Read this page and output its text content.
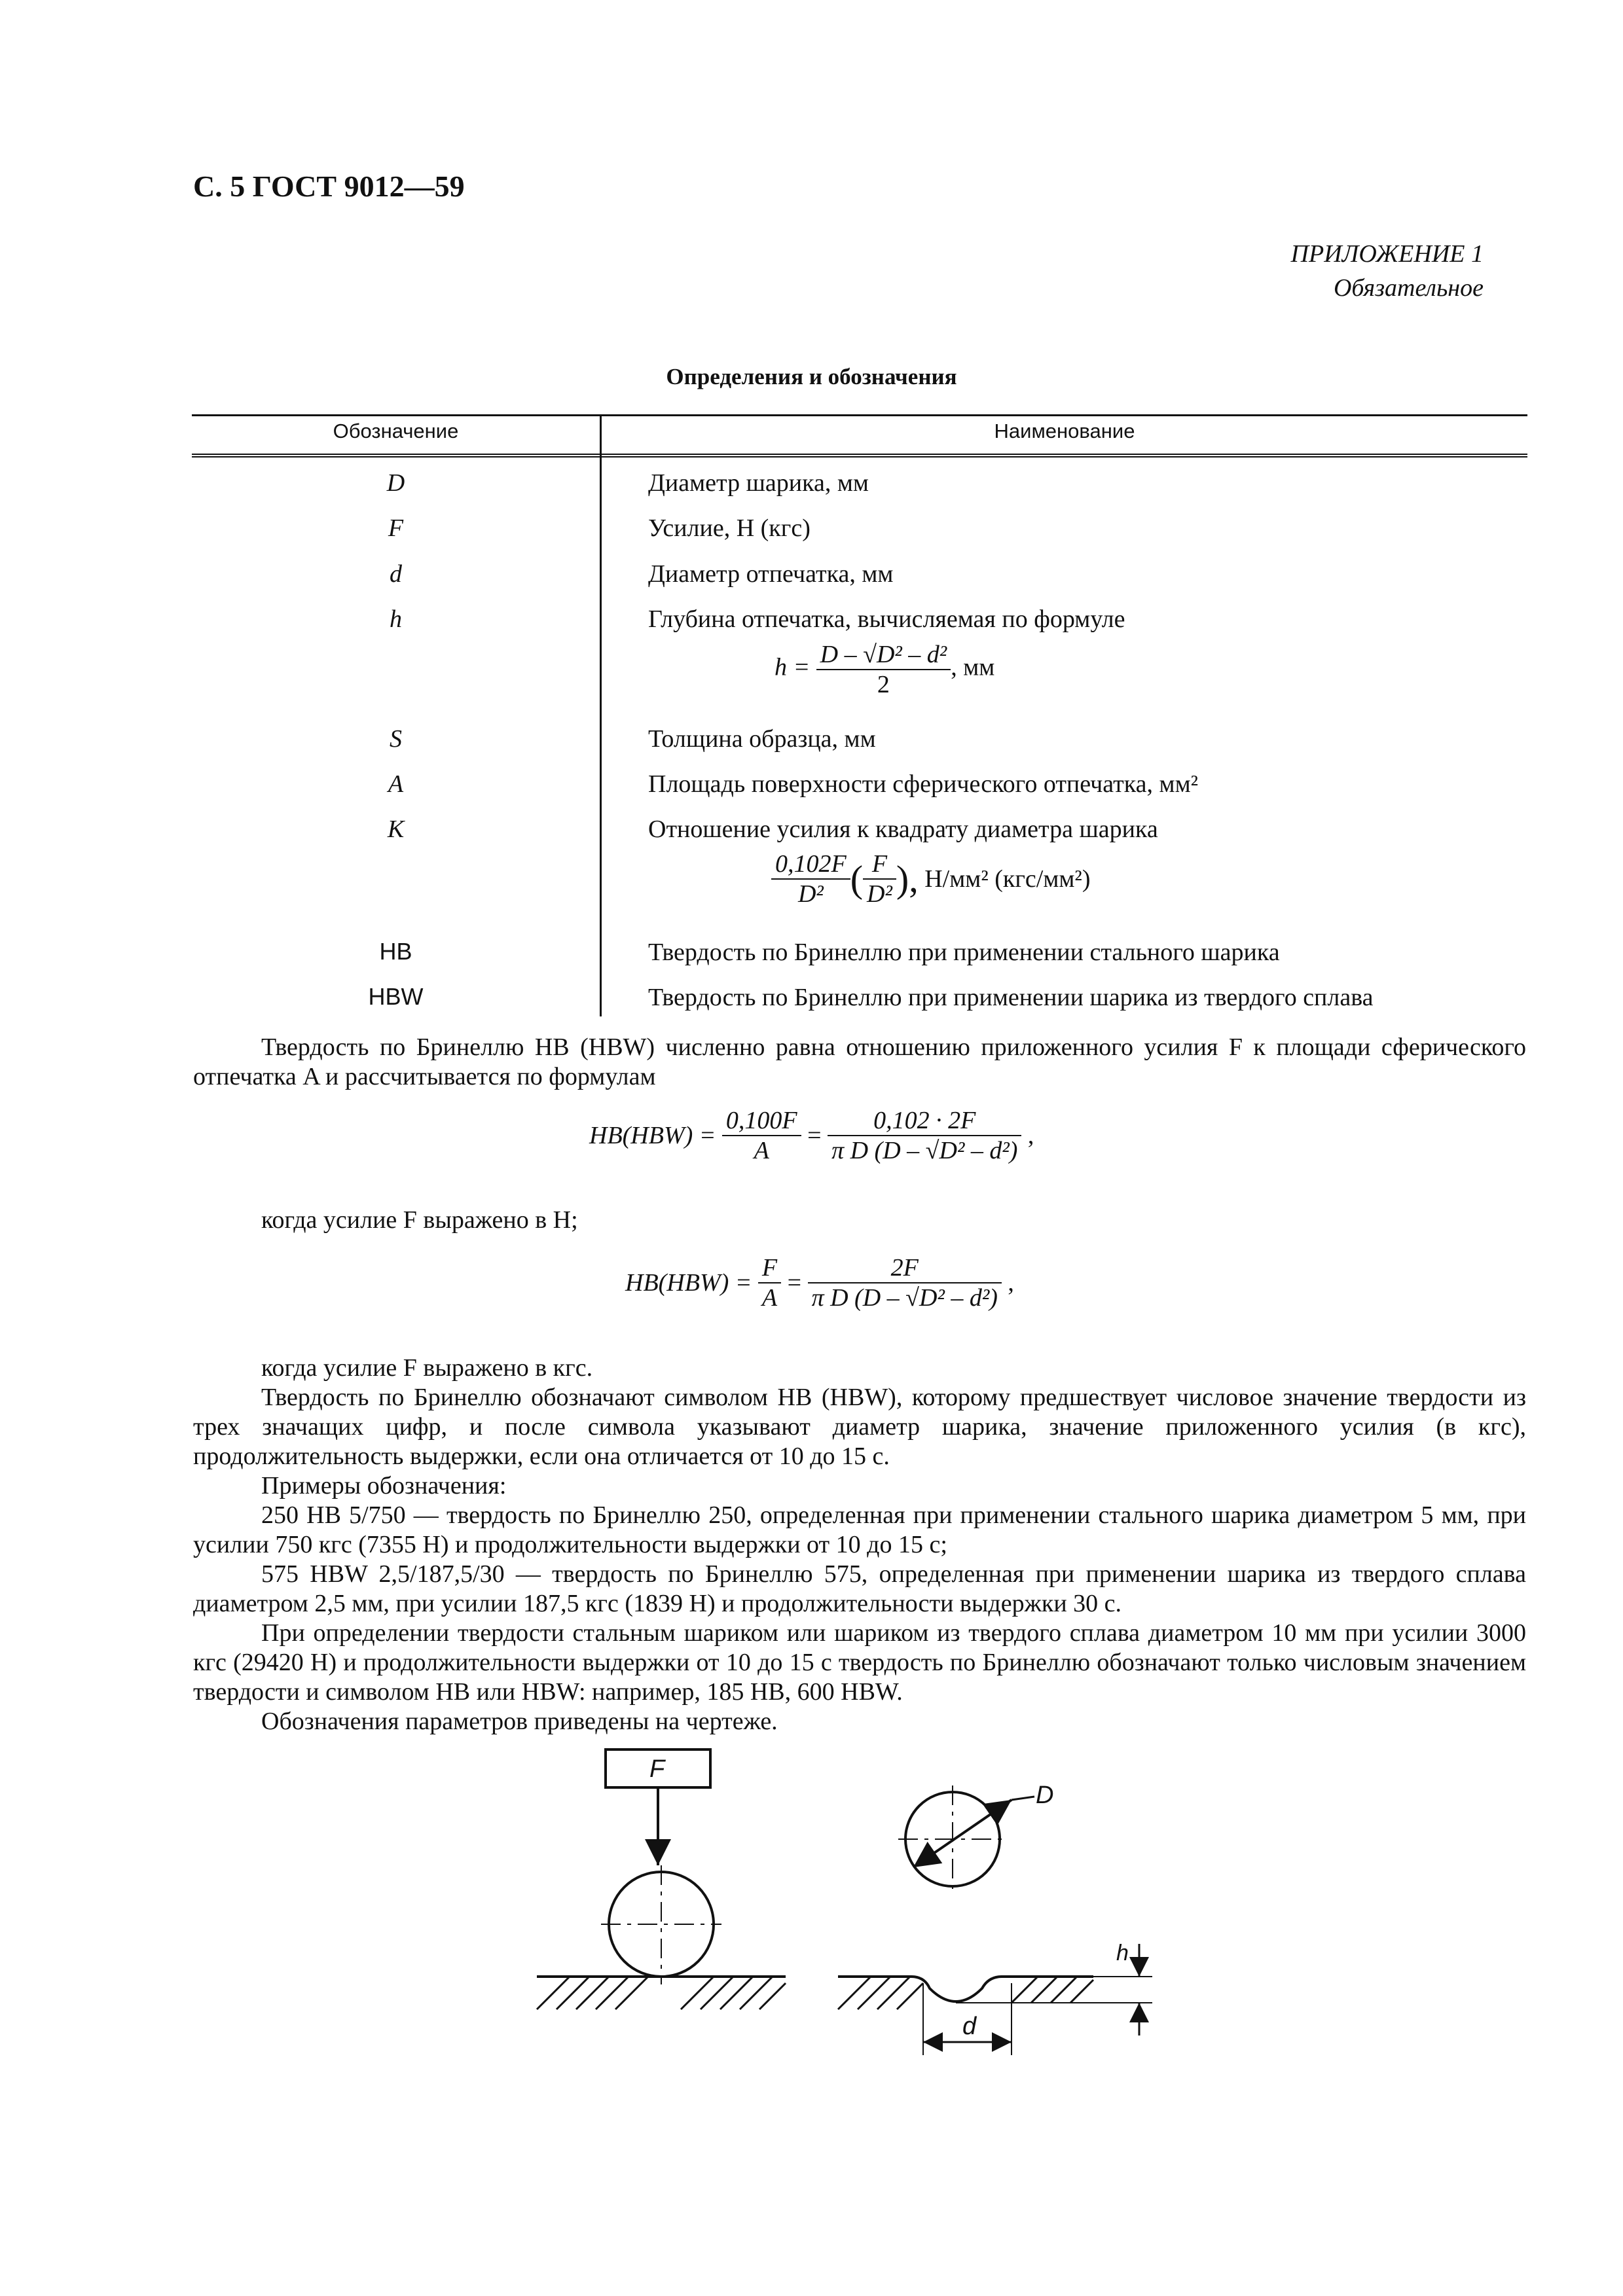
С. 5 ГОСТ 9012—59
ПРИЛОЖЕНИЕ 1
Обязательное
Определения и обозначения
Обозначение	Наименование
D	Диаметр шарика, мм
F	Усилие, Н (кгс)
d	Диаметр отпечатка, мм
h	Глубина отпечатка, вычисляемая по формуле
$h = \frac{\text{D – √D² – d²}}{2}$ , мм
S	Толщина образца, мм
A	Площадь поверхности сферического отпечатка, мм²
K	Отношение усилия к квадрату диаметра шарика
$\frac{0,102F}{\text{D²}}$ ( $\frac{F}{\text{D²}}$ ), Н/мм² (кгс/мм²)
HB	Твердость по Бринеллю при применении стального шарика
HBW	Твердость по Бринеллю при применении шарика из твердого сплава
Твердость по Бринеллю HB (HBW) численно равна отношению приложенного усилия F к площади сферического отпечатка A и рассчитывается по формулам
$HB(HBW) = \frac{0,100F}{A} = \frac{0,102 \cdot 2F}{\text{π D (D – √D² – d²)}}$ ,
когда усилие F выражено в Н;
$HB(HBW) = \frac{F}{A} = \frac{2F}{\text{π D (D – √D² – d²)}}$ ,
когда усилие F выражено в кгс.
Твердость по Бринеллю обозначают символом HB (HBW), которому предшествует числовое значение твердости из трех значащих цифр, и после символа указывают диаметр шарика, значение приложенного усилия (в кгс), продолжительность выдержки, если она отличается от 10 до 15 с.
Примеры обозначения:
250 HB 5/750 — твердость по Бринеллю 250, определенная при применении стального шарика диаметром 5 мм, при усилии 750 кгс (7355 Н) и продолжительности выдержки от 10 до 15 с;
575 HBW 2,5/187,5/30 — твердость по Бринеллю 575, определенная при применении шарика из твердого сплава диаметром 2,5 мм, при усилии 187,5 кгс (1839 Н) и продолжительности выдержки 30 с.
При определении твердости стальным шариком или шариком из твердого сплава диаметром 10 мм при усилии 3000 кгс (29420 Н) и продолжительности выдержки от 10 до 15 с твердость по Бринеллю обозначают только числовым значением твердости и символом HB или HBW: например, 185 HB, 600 HBW.
Обозначения параметров приведены на чертеже.
F
D
h
d
